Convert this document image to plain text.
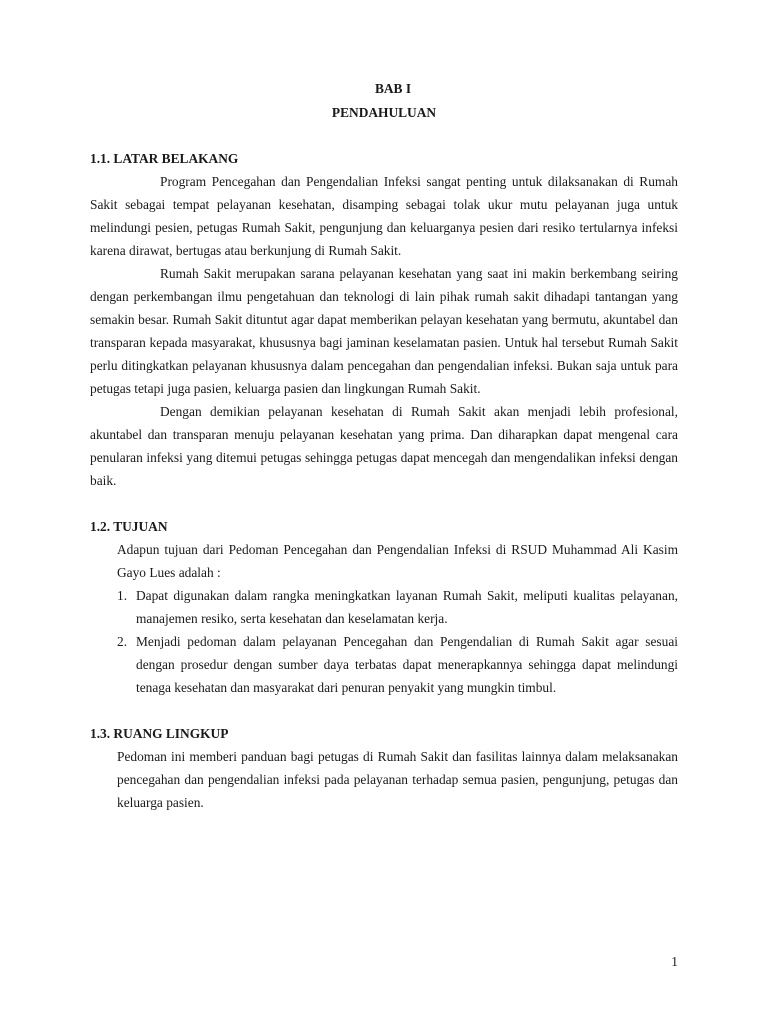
BAB I
PENDAHULUAN
1.1. LATAR BELAKANG

Program Pencegahan dan Pengendalian Infeksi sangat penting untuk dilaksanakan di Rumah Sakit sebagai tempat pelayanan kesehatan, disamping sebagai tolak ukur mutu pelayanan juga untuk melindungi pesien, petugas Rumah Sakit, pengunjung dan keluarganya pesien dari resiko tertularnya infeksi karena dirawat, bertugas atau berkunjung di Rumah Sakit.

Rumah Sakit merupakan sarana pelayanan kesehatan yang saat ini makin berkembang seiring dengan perkembangan ilmu pengetahuan dan teknologi di lain pihak rumah sakit dihadapi tantangan yang semakin besar. Rumah Sakit dituntut agar dapat memberikan pelayan kesehatan yang bermutu, akuntabel dan transparan kepada masyarakat, khususnya bagi jaminan keselamatan pasien. Untuk hal tersebut Rumah Sakit perlu ditingkatkan pelayanan khususnya dalam pencegahan dan pengendalian infeksi. Bukan saja untuk para petugas tetapi juga pasien, keluarga pasien dan lingkungan Rumah Sakit.

Dengan demikian pelayanan kesehatan di Rumah Sakit akan menjadi lebih profesional, akuntabel dan transparan menuju pelayanan kesehatan yang prima. Dan diharapkan dapat mengenal cara penularan infeksi yang ditemui petugas sehingga petugas dapat mencegah dan mengendalikan infeksi dengan baik.

1.2. TUJUAN

Adapun tujuan dari Pedoman Pencegahan dan Pengendalian Infeksi di RSUD Muhammad Ali Kasim Gayo Lues adalah :

1. Dapat digunakan dalam rangka meningkatkan layanan Rumah Sakit, meliputi kualitas pelayanan, manajemen resiko, serta kesehatan dan keselamatan kerja.
2. Menjadi pedoman dalam pelayanan Pencegahan dan Pengendalian di Rumah Sakit agar sesuai dengan prosedur dengan sumber daya terbatas dapat menerapkannya sehingga dapat melindungi tenaga kesehatan dan masyarakat dari penuran penyakit yang mungkin timbul.
1.3. RUANG LINGKUP

Pedoman ini memberi panduan bagi petugas di Rumah Sakit dan fasilitas lainnya dalam melaksanakan pencegahan dan pengendalian infeksi pada pelayanan terhadap semua pasien, pengunjung, petugas dan keluarga pasien.

1
